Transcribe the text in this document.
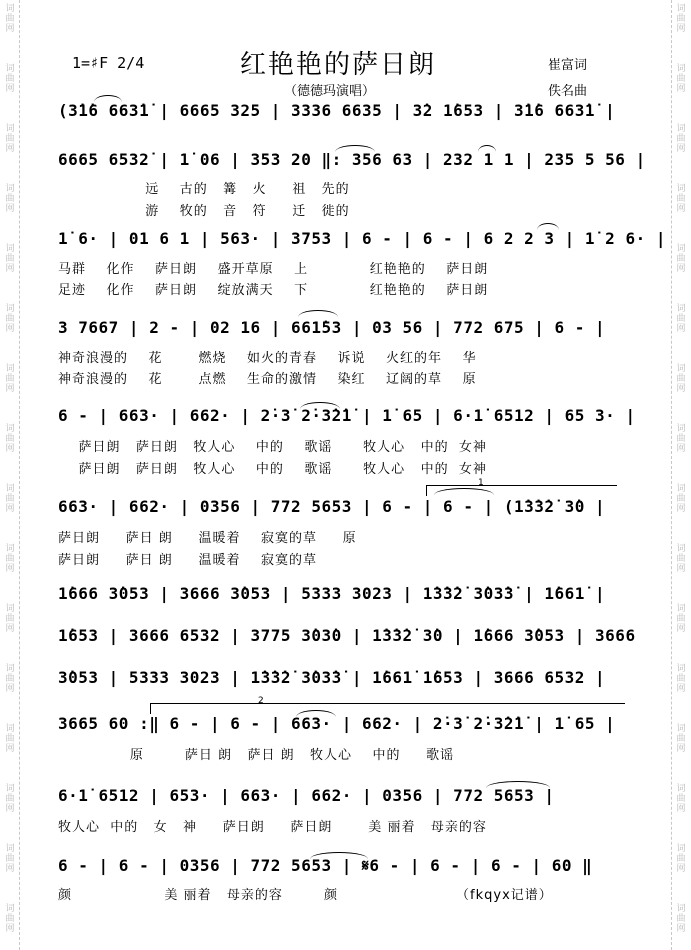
词
曲
网
词
曲
网
词
曲
网
词
曲
网
词
曲
网
词
曲
网
词
曲
网
词
曲
网
词
曲
网
词
曲
网
词
曲
网
词
曲
网
词
曲
网
词
曲
网
词
曲
网
词
曲
网
词
曲
网
词
曲
网
词
曲
网
词
曲
网
词
曲
网
词
曲
网
词
曲
网
词
曲
网
词
曲
网
词
曲
网
词
曲
网
词
曲
网
词
曲
网
词
曲
网
词
曲
网
词
曲
网
1=♯F 2/4	红艳艳的萨日朗
（德德玛演唱）
崔富词
佚名曲
(3̇1̇6 663̇1̇ | 6665 325 | 3336 6635 | 3̇2 1̇653 | 3̇1̇6 663̇1̇ |
6665 6532̇ | 1̇ 06 | 353 20 ‖: 356 63 | 232 1 1 | 235 5 56 |
远    古的   篝   火     祖   先的
游    牧的   音   符     迁   徙的
1̇ 6· | 01 6 1 | 563· | 3753 | 6 - | 6 - | 6 2 2 3 | 1̇ 2 6· |
马群    化作    萨日朗    盛开草原    上            红艳艳的    萨日朗
足迹    化作    萨日朗    绽放满天    下            红艳艳的    萨日朗
3 7667 | 2 - | 02 16 | 661̇53 | 03 56 | 772 675 | 6 - |
神奇浪漫的    花       燃烧    如火的青春    诉说    火红的年    华
神奇浪漫的    花       点燃    生命的激情    染红    辽阔的草    原
6 - | 663· | 662· | 2̇·3̇ 2̇·3̇2̇1̇ | 1̇ 65 | 6·1̇ 6512 | 65 3· |
萨日朗   萨日朗   牧人心    中的    歌谣      牧人心   中的  女神
萨日朗   萨日朗   牧人心    中的    歌谣      牧人心   中的  女神
1
663· | 662· | 0356 | 772 5653 | 6 - | 6 - | (1̇3̇3̇2̇ 3̇0 |
萨日朗     萨日 朗     温暖着    寂寞的草     原
萨日朗     萨日 朗     温暖着    寂寞的草
1̇666 3̇053 | 3666 3̇053 | 5333 3023 | 1̇3̇3̇2̇ 3̇03̇3̇ | 1̇661̇ |
1̇653 | 3666 6532 | 3775 3̇03̇0 | 1̇3̇3̇2̇ 3̇0 | 1̇666 3̇053 | 3666
3̇053 | 5333 3023 | 1̇3̇3̇2̇ 3̇03̇3̇ | 1̇661̇ 1̇653 | 3666 6532 |
2
3665 60 :‖ 6 - | 6 - | 663· | 662· | 2̇·3̇ 2̇·3̇2̇1̇ | 1̇ 65 |
原        萨日 朗   萨日 朗   牧人心    中的     歌谣
6·1̇ 6512 | 653· | 663· | 662· | 0356 | 772 5653 |
牧人心  中的   女   神     萨日朗     萨日朗       美 丽着   母亲的容
6 - | 6 - | 0356 | 772 5653 | 𝄋6 - | 6 - | 6 - | 60 ‖
颜                  美 丽着   母亲的容        颜                       （fkqyx记谱）
